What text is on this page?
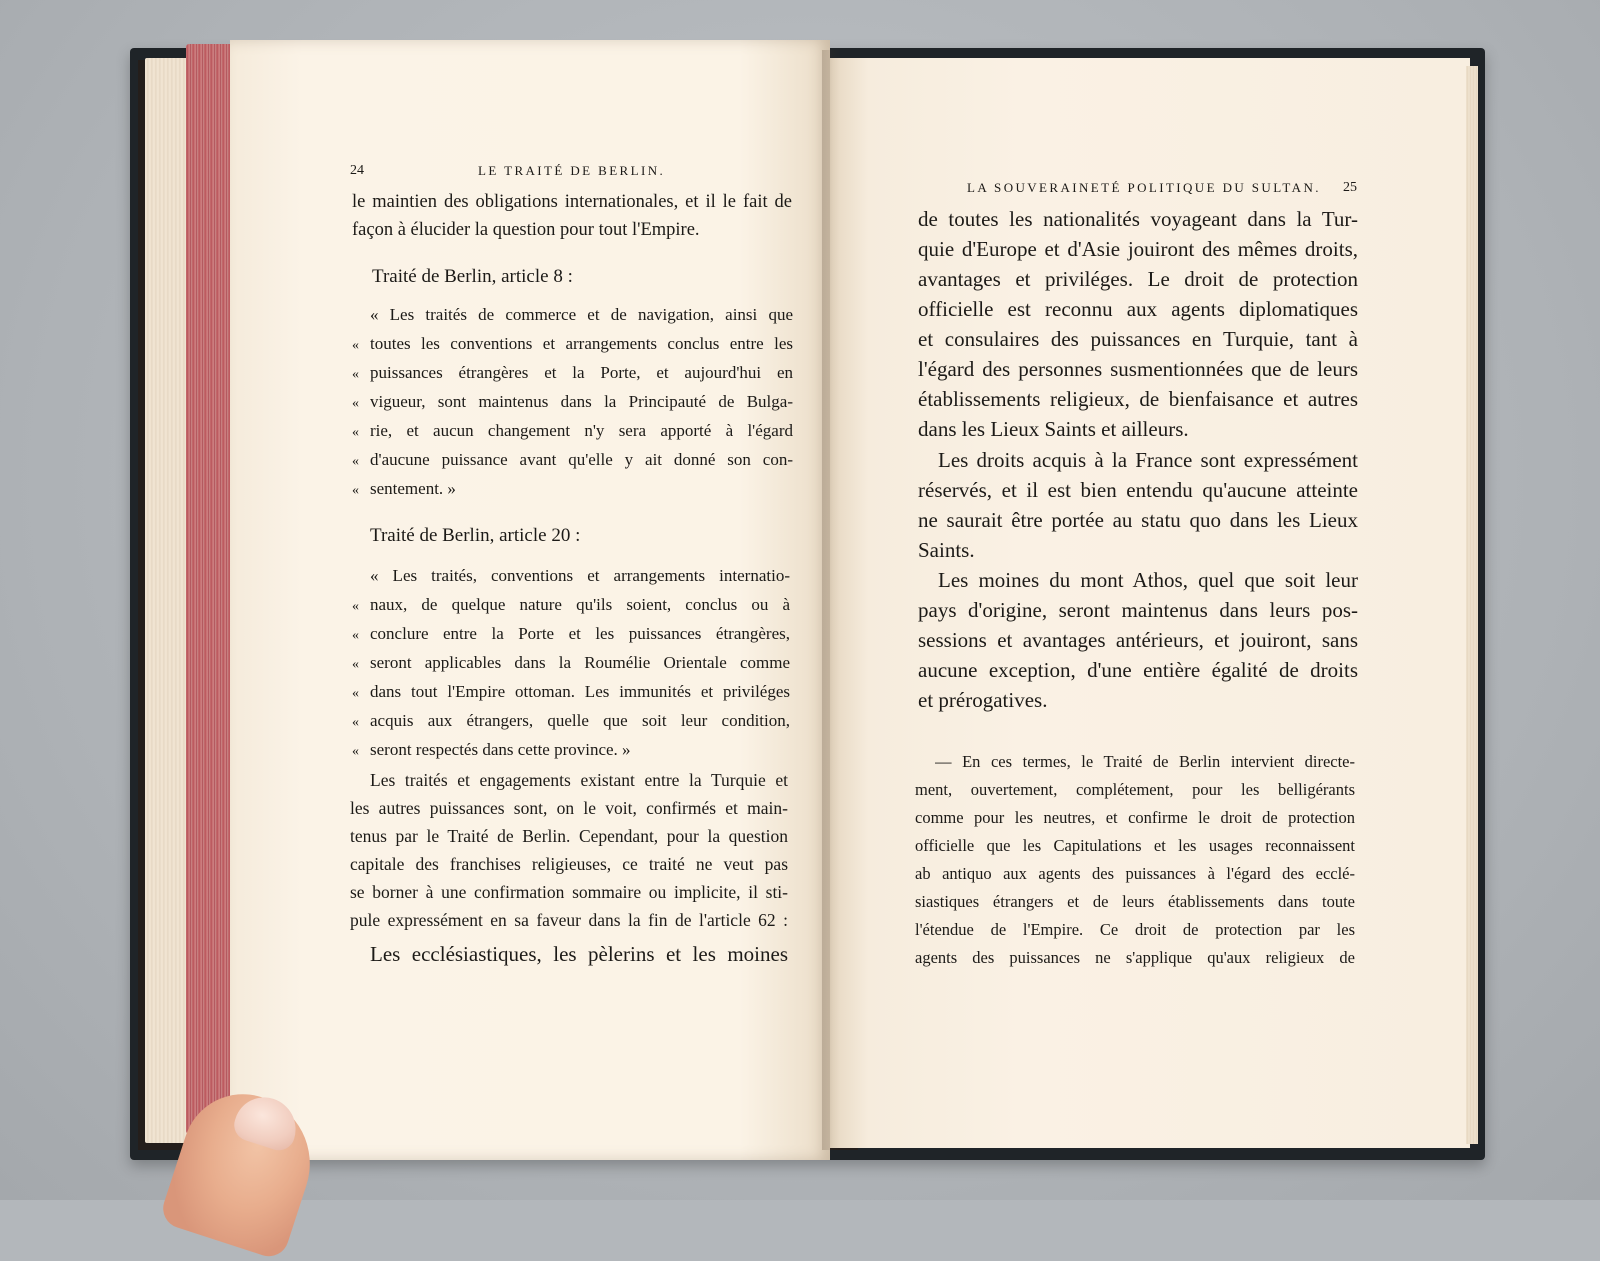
24	LE TRAITÉ DE BERLIN.
le maintien des obligations internationales, et il le fait de
façon à élucider la question pour tout l'Empire.
Traité de Berlin, article 8 :
« Les traités de commerce et de navigation, ainsi que
« toutes les conventions et arrangements conclus entre les
« puissances étrangères et la Porte, et aujourd'hui en
« vigueur, sont maintenus dans la Principauté de Bulga-
« rie, et aucun changement n'y sera apporté à l'égard
« d'aucune puissance avant qu'elle y ait donné son con-
« sentement. »
Traité de Berlin, article 20 :
« Les traités, conventions et arrangements internatio-
« naux, de quelque nature qu'ils soient, conclus ou à
« conclure entre la Porte et les puissances étrangères,
« seront applicables dans la Roumélie Orientale comme
« dans tout l'Empire ottoman. Les immunités et priviléges
« acquis aux étrangers, quelle que soit leur condition,
« seront respectés dans cette province. »
Les traités et engagements existant entre la Turquie et
les autres puissances sont, on le voit, confirmés et main-
tenus par le Traité de Berlin. Cependant, pour la question
capitale des franchises religieuses, ce traité ne veut pas
se borner à une confirmation sommaire ou implicite, il sti-
pule expressément en sa faveur dans la fin de l'article 62 :
Les ecclésiastiques, les pèlerins et les moines
LA SOUVERAINETÉ POLITIQUE DU SULTAN. 25
de toutes les nationalités voyageant dans la Tur-
quie d'Europe et d'Asie jouiront des mêmes droits,
avantages et priviléges. Le droit de protection
officielle est reconnu aux agents diplomatiques
et consulaires des puissances en Turquie, tant à
l'égard des personnes susmentionnées que de leurs
établissements religieux, de bienfaisance et autres
dans les Lieux Saints et ailleurs.
Les droits acquis à la France sont expressément
réservés, et il est bien entendu qu'aucune atteinte
ne saurait être portée au statu quo dans les Lieux
Saints.
Les moines du mont Athos, quel que soit leur
pays d'origine, seront maintenus dans leurs pos-
sessions et avantages antérieurs, et jouiront, sans
aucune exception, d'une entière égalité de droits
et prérogatives.
— En ces termes, le Traité de Berlin intervient directe-
ment, ouvertement, complétement, pour les belligérants
comme pour les neutres, et confirme le droit de protection
officielle que les Capitulations et les usages reconnaissent
ab antiquo aux agents des puissances à l'égard des ecclé-
siastiques étrangers et de leurs établissements dans toute
l'étendue de l'Empire. Ce droit de protection par les
agents des puissances ne s'applique qu'aux religieux de
